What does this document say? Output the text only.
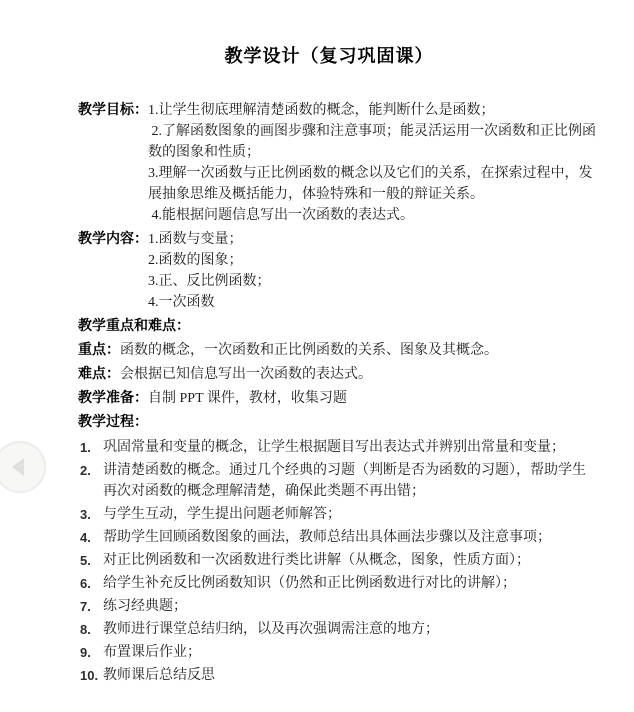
教学设计（复习巩固课）
教学目标：1.让学生彻底理解清楚函数的概念，能判断什么是函数；
2.了解函数图象的画图步骤和注意事项；能灵活运用一次函数和正比例函
数的图象和性质；
3.理解一次函数与正比例函数的概念以及它们的关系，在探索过程中，发
展抽象思维及概括能力，体验特殊和一般的辩证关系。
4.能根据问题信息写出一次函数的表达式。
教学内容：1.函数与变量；
2.函数的图象；
3.正、反比例函数；
4.一次函数
教学重点和难点：
重点：函数的概念，一次函数和正比例函数的关系、图象及其概念。
难点：会根据已知信息写出一次函数的表达式。
教学准备：自制 PPT 课件，教材，收集习题
教学过程：
1. 巩固常量和变量的概念，让学生根据题目写出表达式并辨别出常量和变量；
2. 讲清楚函数的概念。通过几个经典的习题（判断是否为函数的习题），帮助学生
再次对函数的概念理解清楚，确保此类题不再出错；
3. 与学生互动，学生提出问题老师解答；
4. 帮助学生回顾函数图象的画法，教师总结出具体画法步骤以及注意事项；
5. 对正比例函数和一次函数进行类比讲解（从概念，图象，性质方面）；
6. 给学生补充反比例函数知识（仍然和正比例函数进行对比的讲解）；
7. 练习经典题；
8. 教师进行课堂总结归纳，以及再次强调需注意的地方；
9. 布置课后作业；
10. 教师课后总结反思
